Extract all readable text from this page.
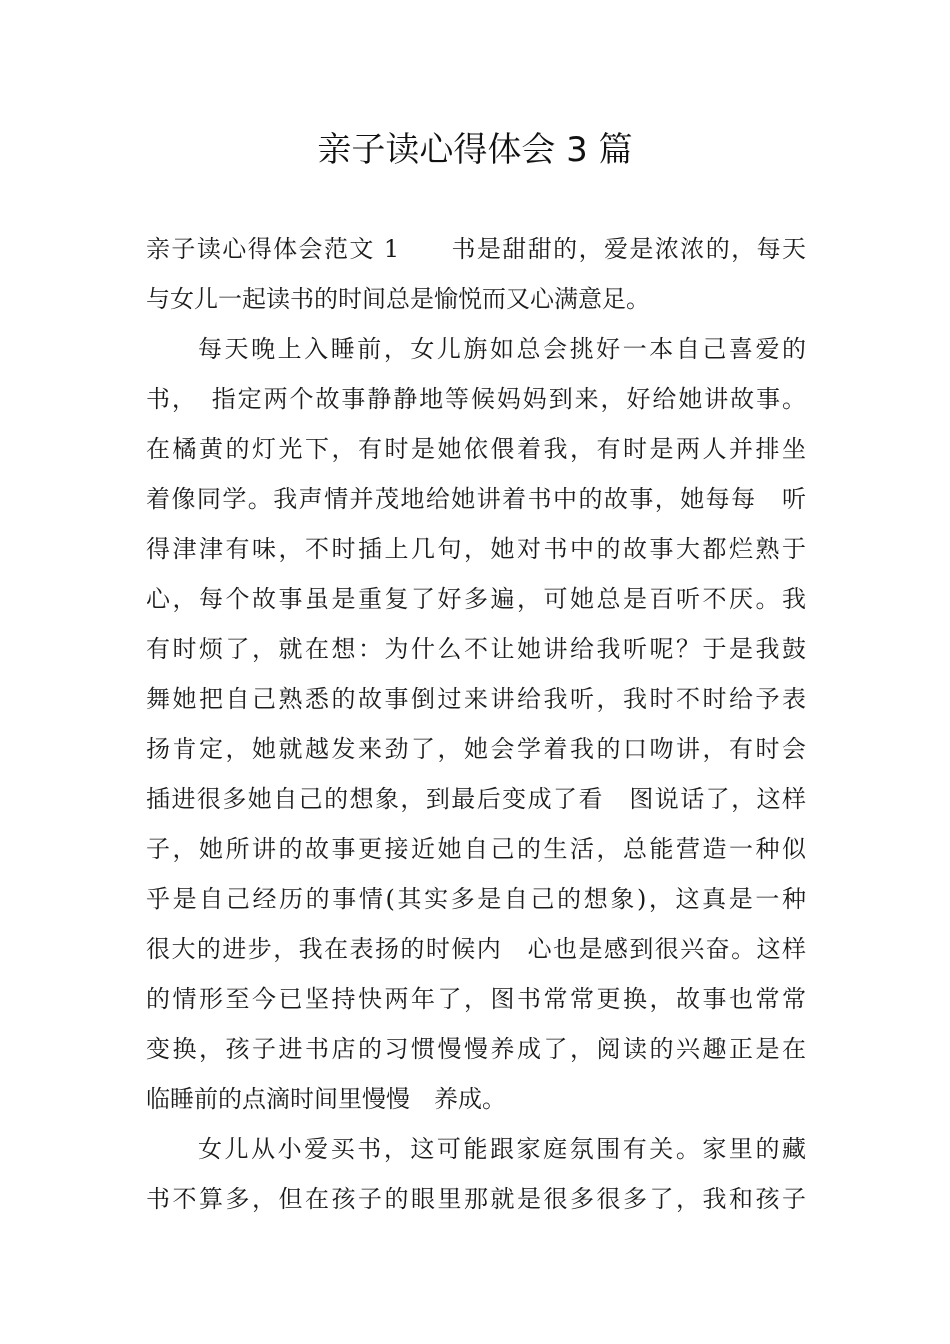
亲子读心得体会 3 篇
亲子读心得体会范文 1　　书是甜甜的，爱是浓浓的，每天
与女儿一起读书的时间总是愉悦而又心满意足。
每天晚上入睡前，女儿旃如总会挑好一本自己喜爱的
书，　指定两个故事静静地等候妈妈到来，好给她讲故事。
在橘黄的灯光下，有时是她依偎着我，有时是两人并排坐
着像同学。我声情并茂地给她讲着书中的故事，她每每　听
得津津有味，不时插上几句，她对书中的故事大都烂熟于
心，每个故事虽是重复了好多遍，可她总是百听不厌。我
有时烦了，就在想：为什么不让她讲给我听呢？于是我鼓
舞她把自己熟悉的故事倒过来讲给我听，我时不时给予表
扬肯定，她就越发来劲了，她会学着我的口吻讲，有时会
插进很多她自己的想象，到最后变成了看　图说话了，这样
子，她所讲的故事更接近她自己的生活，总能营造一种似
乎是自己经历的事情(其实多是自己的想象)，这真是一种
很大的进步，我在表扬的时候内　心也是感到很兴奋。这样
的情形至今已坚持快两年了，图书常常更换，故事也常常
变换，孩子进书店的习惯慢慢养成了，阅读的兴趣正是在
临睡前的点滴时间里慢慢　养成。
女儿从小爱买书，这可能跟家庭氛围有关。家里的藏
书不算多，但在孩子的眼里那就是很多很多了，我和孩子
